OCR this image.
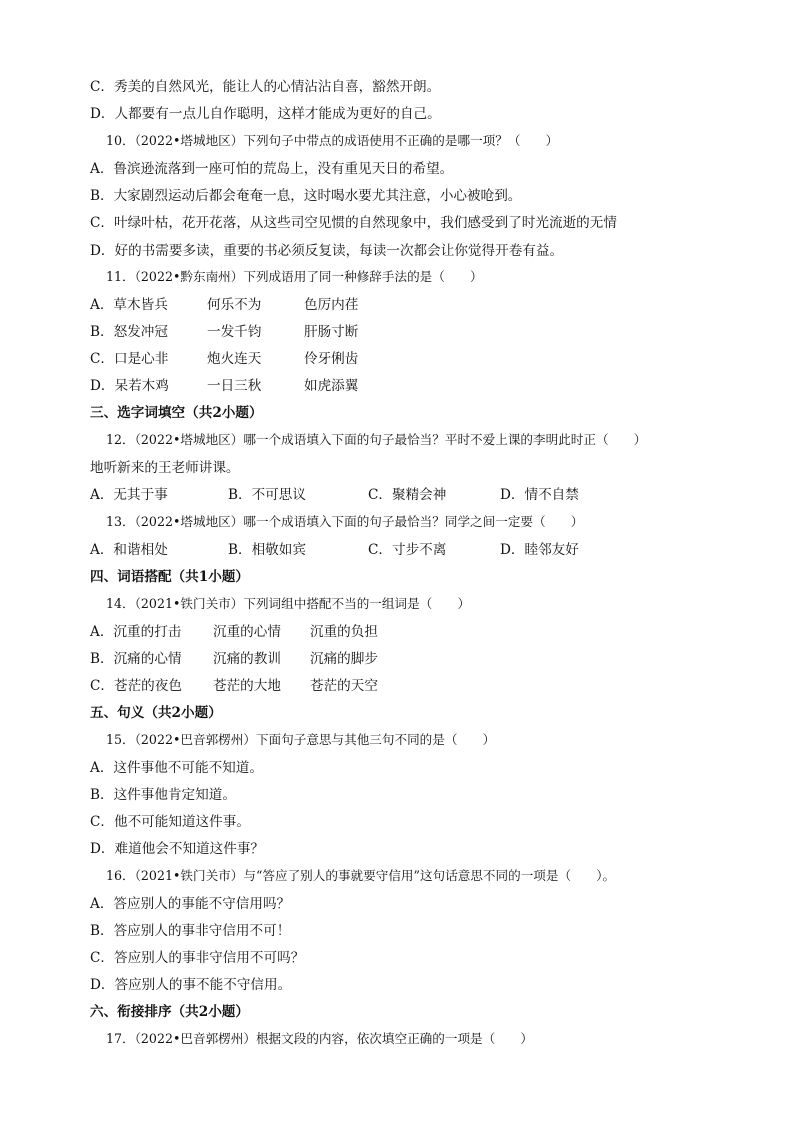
C．秀美的自然风光，能让人的心情沾沾自喜，豁然开朗。
D．人都要有一点儿自作聪明，这样才能成为更好的自己。
10．（2022•塔城地区）下列句子中带点的成语使用不正确的是哪一项？（　　）
A．鲁滨逊流落到一座可怕的荒岛上，没有重见天日的希望。
B．大家剧烈运动后都会奄奄一息，这时喝水要尤其注意，小心被呛到。
C．叶绿叶枯，花开花落，从这些司空见惯的自然现象中，我们感受到了时光流逝的无情
D．好的书需要多读，重要的书必须反复读，每读一次都会让你觉得开卷有益。
11．（2022•黔东南州）下列成语用了同一种修辞手法的是（　　）
A．草木皆兵	何乐不为	色厉内荏
B．怒发冲冠	一发千钧	肝肠寸断
C．口是心非	炮火连天	伶牙俐齿
D．呆若木鸡	一日三秋	如虎添翼
三、选字词填空（共2小题）
12．（2022•塔城地区）哪一个成语填入下面的句子最恰当？平时不爱上课的李明此时正（　　）
地听新来的王老师讲课。
A．无其于事	B．不可思议	C．聚精会神	D．情不自禁
13．（2022•塔城地区）哪一个成语填入下面的句子最恰当？同学之间一定要（　　）
A．和谐相处	B．相敬如宾	C．寸步不离	D．睦邻友好
四、词语搭配（共1小题）
14．（2021•铁门关市）下列词组中搭配不当的一组词是（　　）
A．沉重的打击 沉重的心情 沉重的负担
B．沉痛的心情 沉痛的教训 沉痛的脚步
C．苍茫的夜色 苍茫的大地 苍茫的天空
五、句义（共2小题）
15．（2022•巴音郭楞州）下面句子意思与其他三句不同的是（　　）
A．这件事他不可能不知道。
B．这件事他肯定知道。
C．他不可能知道这件事。
D．难道他会不知道这件事？
16．（2021•铁门关市）与“答应了别人的事就要守信用”这句话意思不同的一项是（　　）。
A．答应别人的事能不守信用吗？
B．答应别人的事非守信用不可！
C．答应别人的事非守信用不可吗？
D．答应别人的事不能不守信用。
六、衔接排序（共2小题）
17．（2022•巴音郭楞州）根据文段的内容，依次填空正确的一项是（　　）
